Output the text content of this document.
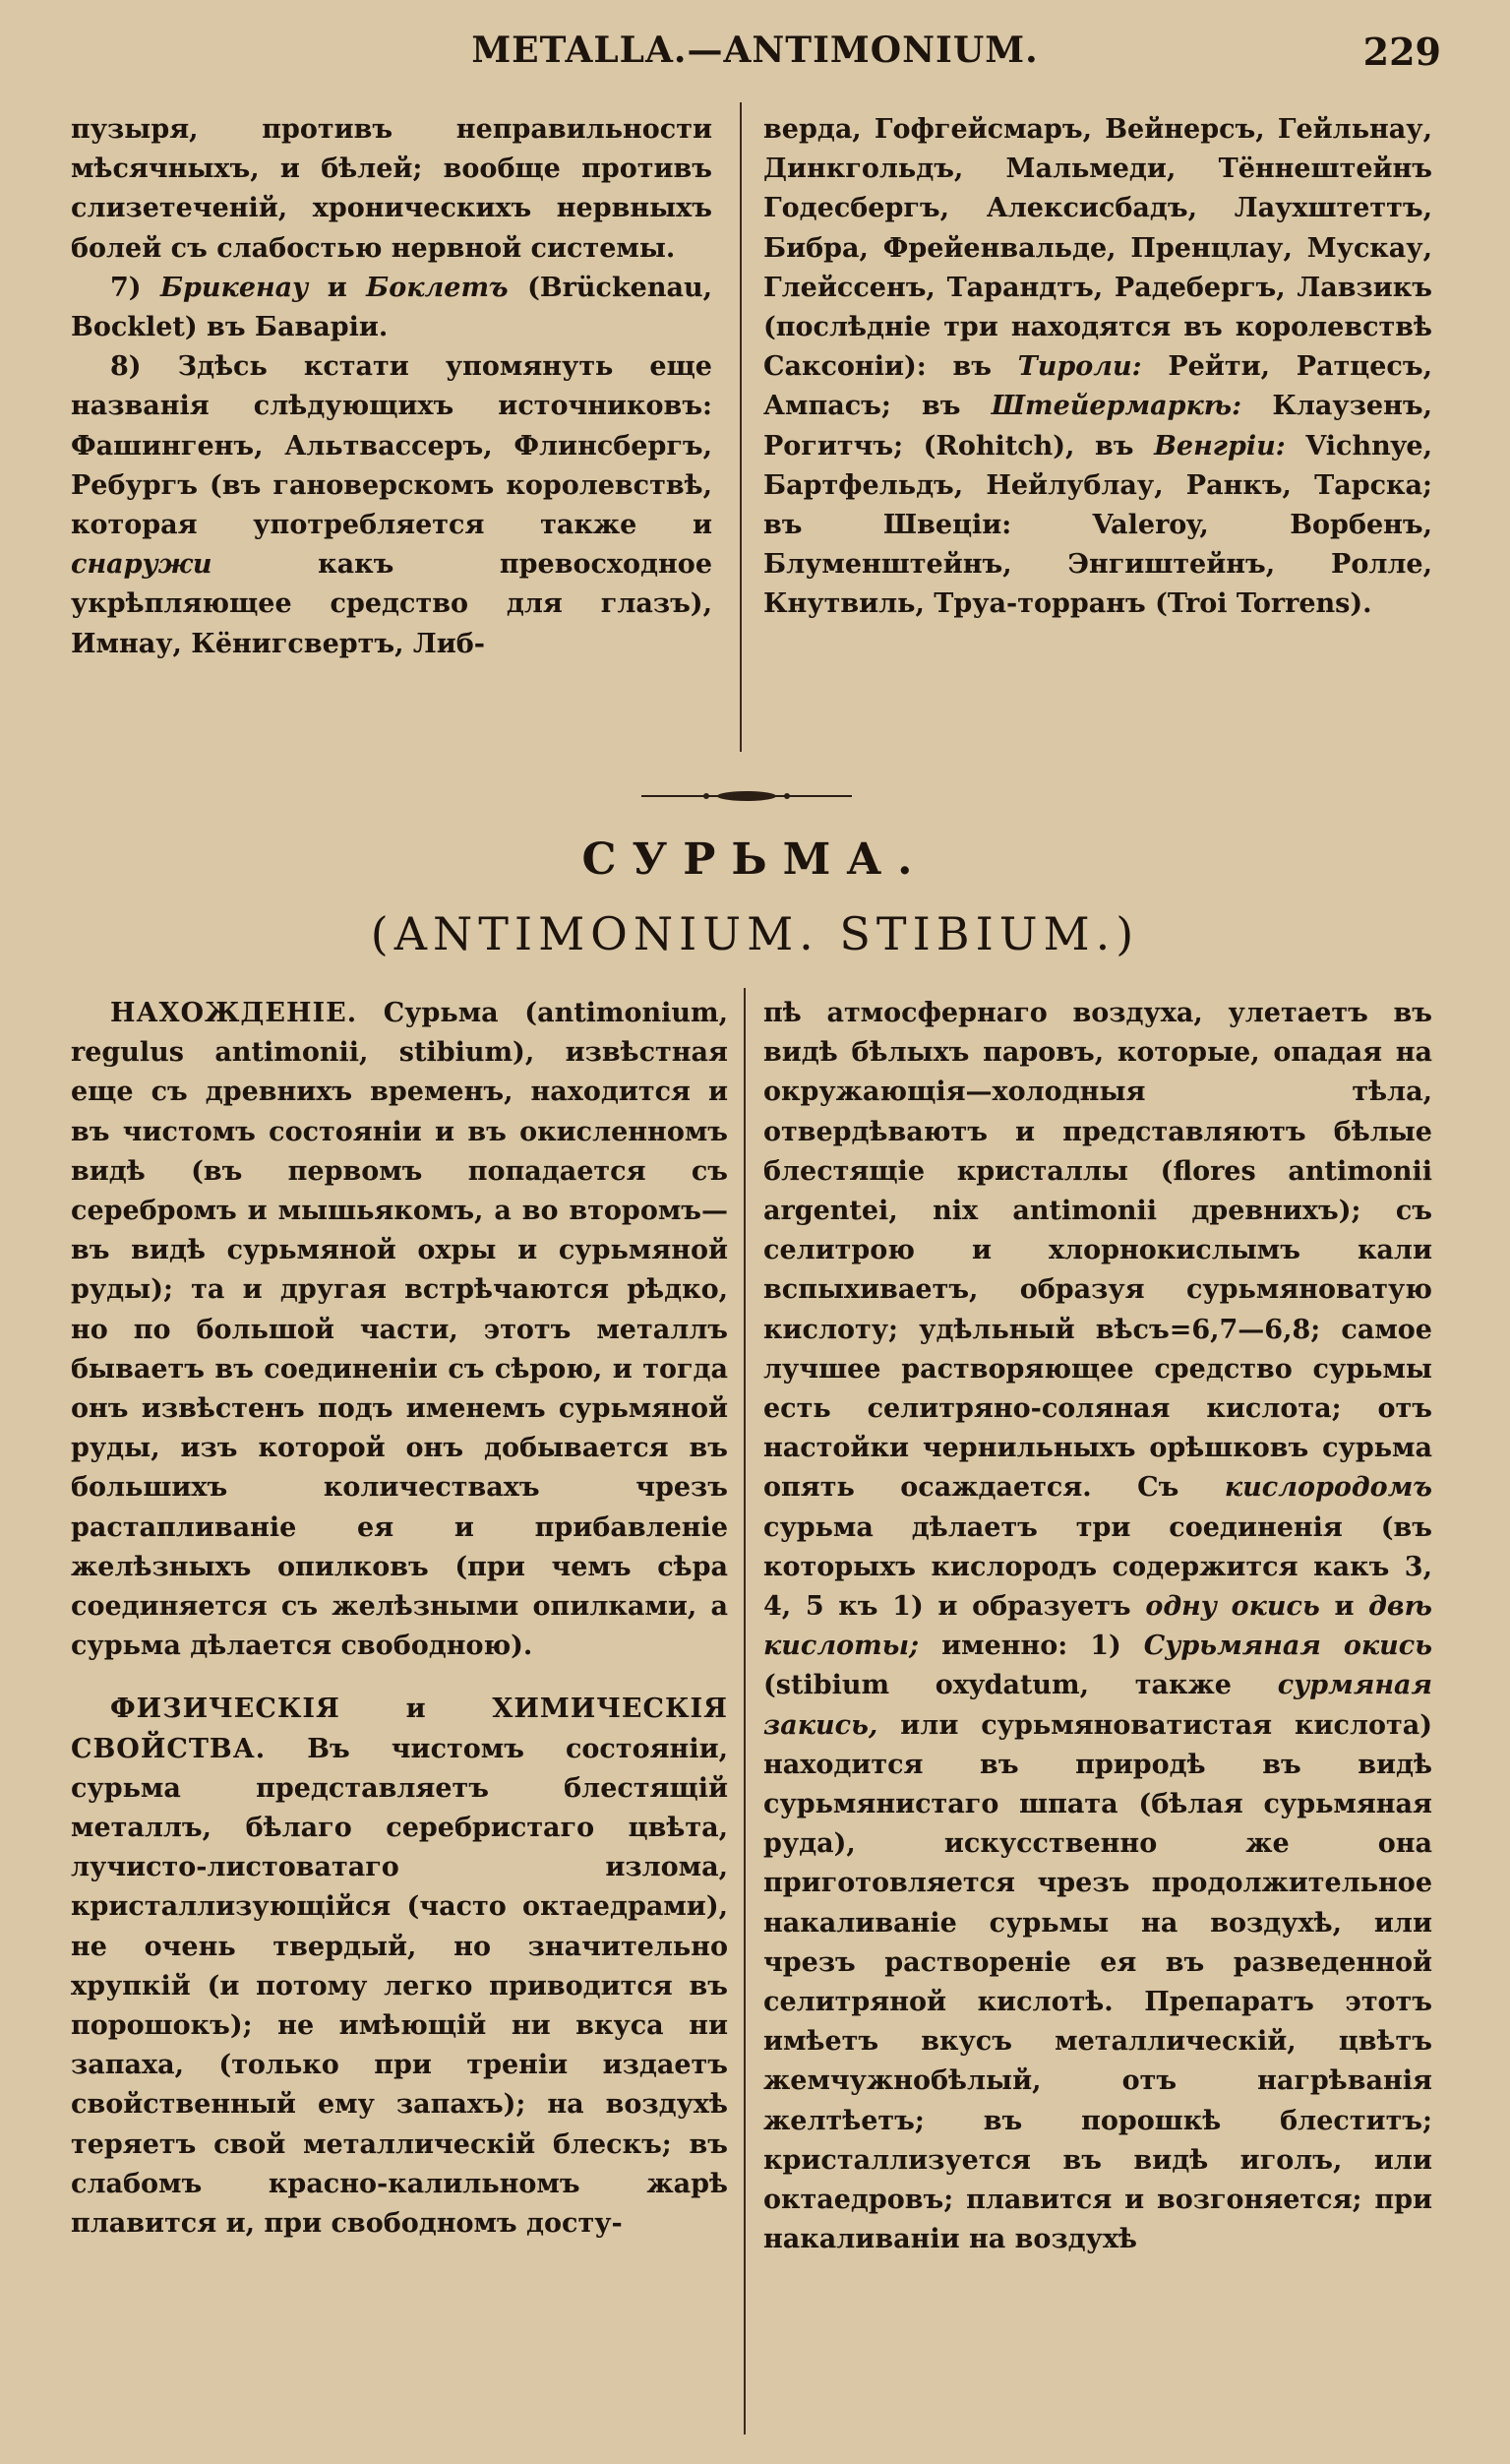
METALLA.—ANTIMONIUM.	229

пузыря, противъ неправильности мѣсячныхъ, и бѣлей; вообще противъ слизетеченій, хроническихъ нервныхъ болей съ слабостью нервной системы.

7) Брикенау и Боклетъ (Brückenau, Bocklet) въ Баваріи.

8) Здѣсь кстати упомянуть еще названія слѣдующихъ источниковъ: Фашингенъ, Альтвассеръ, Флинсбергъ, Ребургъ (въ гановерскомъ королевствѣ, которая употребляется также и снаружи	какъ превосходное укрѣпляющее средство для глазъ), Имнау, Кёнигсвертъ, Либ-

верда, Гофгейсмаръ, Вейнерсъ, Гейльнау, Динкгольдъ, Мальмеди, Тённештейнъ Годесбергъ, Алексисбадъ, Лаухштеттъ, Бибра, Фрейенвальде, Пренцлау, Мускау, Глейссенъ, Тарандтъ, Радебергъ, Лавзикъ (послѣдніе три находятся въ королевствѣ Саксоніи): въ Тироли: Рейти, Ратцесъ, Ампасъ; въ Штейермаркѣ: Клаузенъ, Рогитчъ; (Rohitch), въ Венгріи: Vichnye, Бартфельдъ, Нейлублау, Ранкъ, Тарска; въ Швеціи: Valeroy, Ворбенъ, Блуменштейнъ, Энгиштейнъ, Ролле, Кнутвиль, Труа-торранъ (Troi Torrens).

СУРЬМА.
(ANTIMONIUM. STIBIUM.)

НАХОЖДЕНІЕ. Сурьма (antimonium, regulus antimonii, stibium), извѣстная еще съ древнихъ временъ, находится и въ чистомъ состояніи и въ окисленномъ видѣ (въ первомъ попадается съ серебромъ и мышьякомъ, а во второмъ— въ видѣ сурьмяной охры и сурьмяной руды); та и другая встрѣчаются рѣдко, но по большой части, этотъ металлъ бываетъ въ соединеніи съ сѣрою, и тогда онъ извѣстенъ подъ именемъ сурьмяной руды, изъ которой онъ добывается въ большихъ количествахъ чрезъ растапливаніе ея и прибавленіе желѣзныхъ опилковъ (при чемъ сѣра соединяется съ желѣзными опилками, а сурьма дѣлается свободною).

ФИЗИЧЕСКІЯ и ХИМИЧЕСКІЯ СВОЙСТВА. Въ чистомъ состояніи, сурьма представляетъ блестящій металлъ, бѣлаго серебристаго цвѣта, лучисто-листоватаго излома, кристаллизующійся (часто октаедрами), не очень твердый, но значительно хрупкій (и потому легко приводится въ порошокъ); не имѣющій ни вкуса ни запаха, (только при треніи издаетъ свойственный ему запахъ); на воздухѣ теряетъ свой металлическій блескъ; въ слабомъ красно-калильномъ жарѣ плавится и, при свободномъ досту-

пѣ атмосфернаго воздуха, улетаетъ въ видѣ бѣлыхъ паровъ, которые, опадая на окружающія—холодныя тѣла, отвердѣваютъ и представляютъ бѣлые блестящіе кристаллы (flores antimonii argentei, nix antimonii древнихъ); съ селитрою и хлорнокислымъ кали вспыхиваетъ, образуя сурьмяноватую кислоту; удѣльный вѣсъ=6,7—6,8; самое лучшее растворяющее средство сурьмы есть селитряно-соляная кислота; отъ настойки чернильныхъ орѣшковъ сурьма опять осаждается. Съ кислородомъ сурьма дѣлаетъ три соединенія (въ которыхъ кислородъ содержится какъ 3, 4, 5 къ 1) и образуетъ одну окись и двѣ кислоты; именно: 1) Сурьмяная окись (stibium oxydatum, также сурмяная закись, или сурьмяноватистая кислота) находится въ природѣ въ видѣ сурьмянистаго шпата (бѣлая сурьмяная руда), искусственно же она приготовляется чрезъ продолжительное накаливаніе сурьмы на воздухѣ, или чрезъ раствореніе ея въ разведенной селитряной кислотѣ. Препаратъ этотъ имѣетъ вкусъ металлическій, цвѣтъ жемчужнобѣлый, отъ нагрѣванія желтѣетъ; въ порошкѣ блеститъ; кристаллизуется въ видѣ иголъ, или октаедровъ; плавится и возгоняется; при накаливаніи на воздухѣ
